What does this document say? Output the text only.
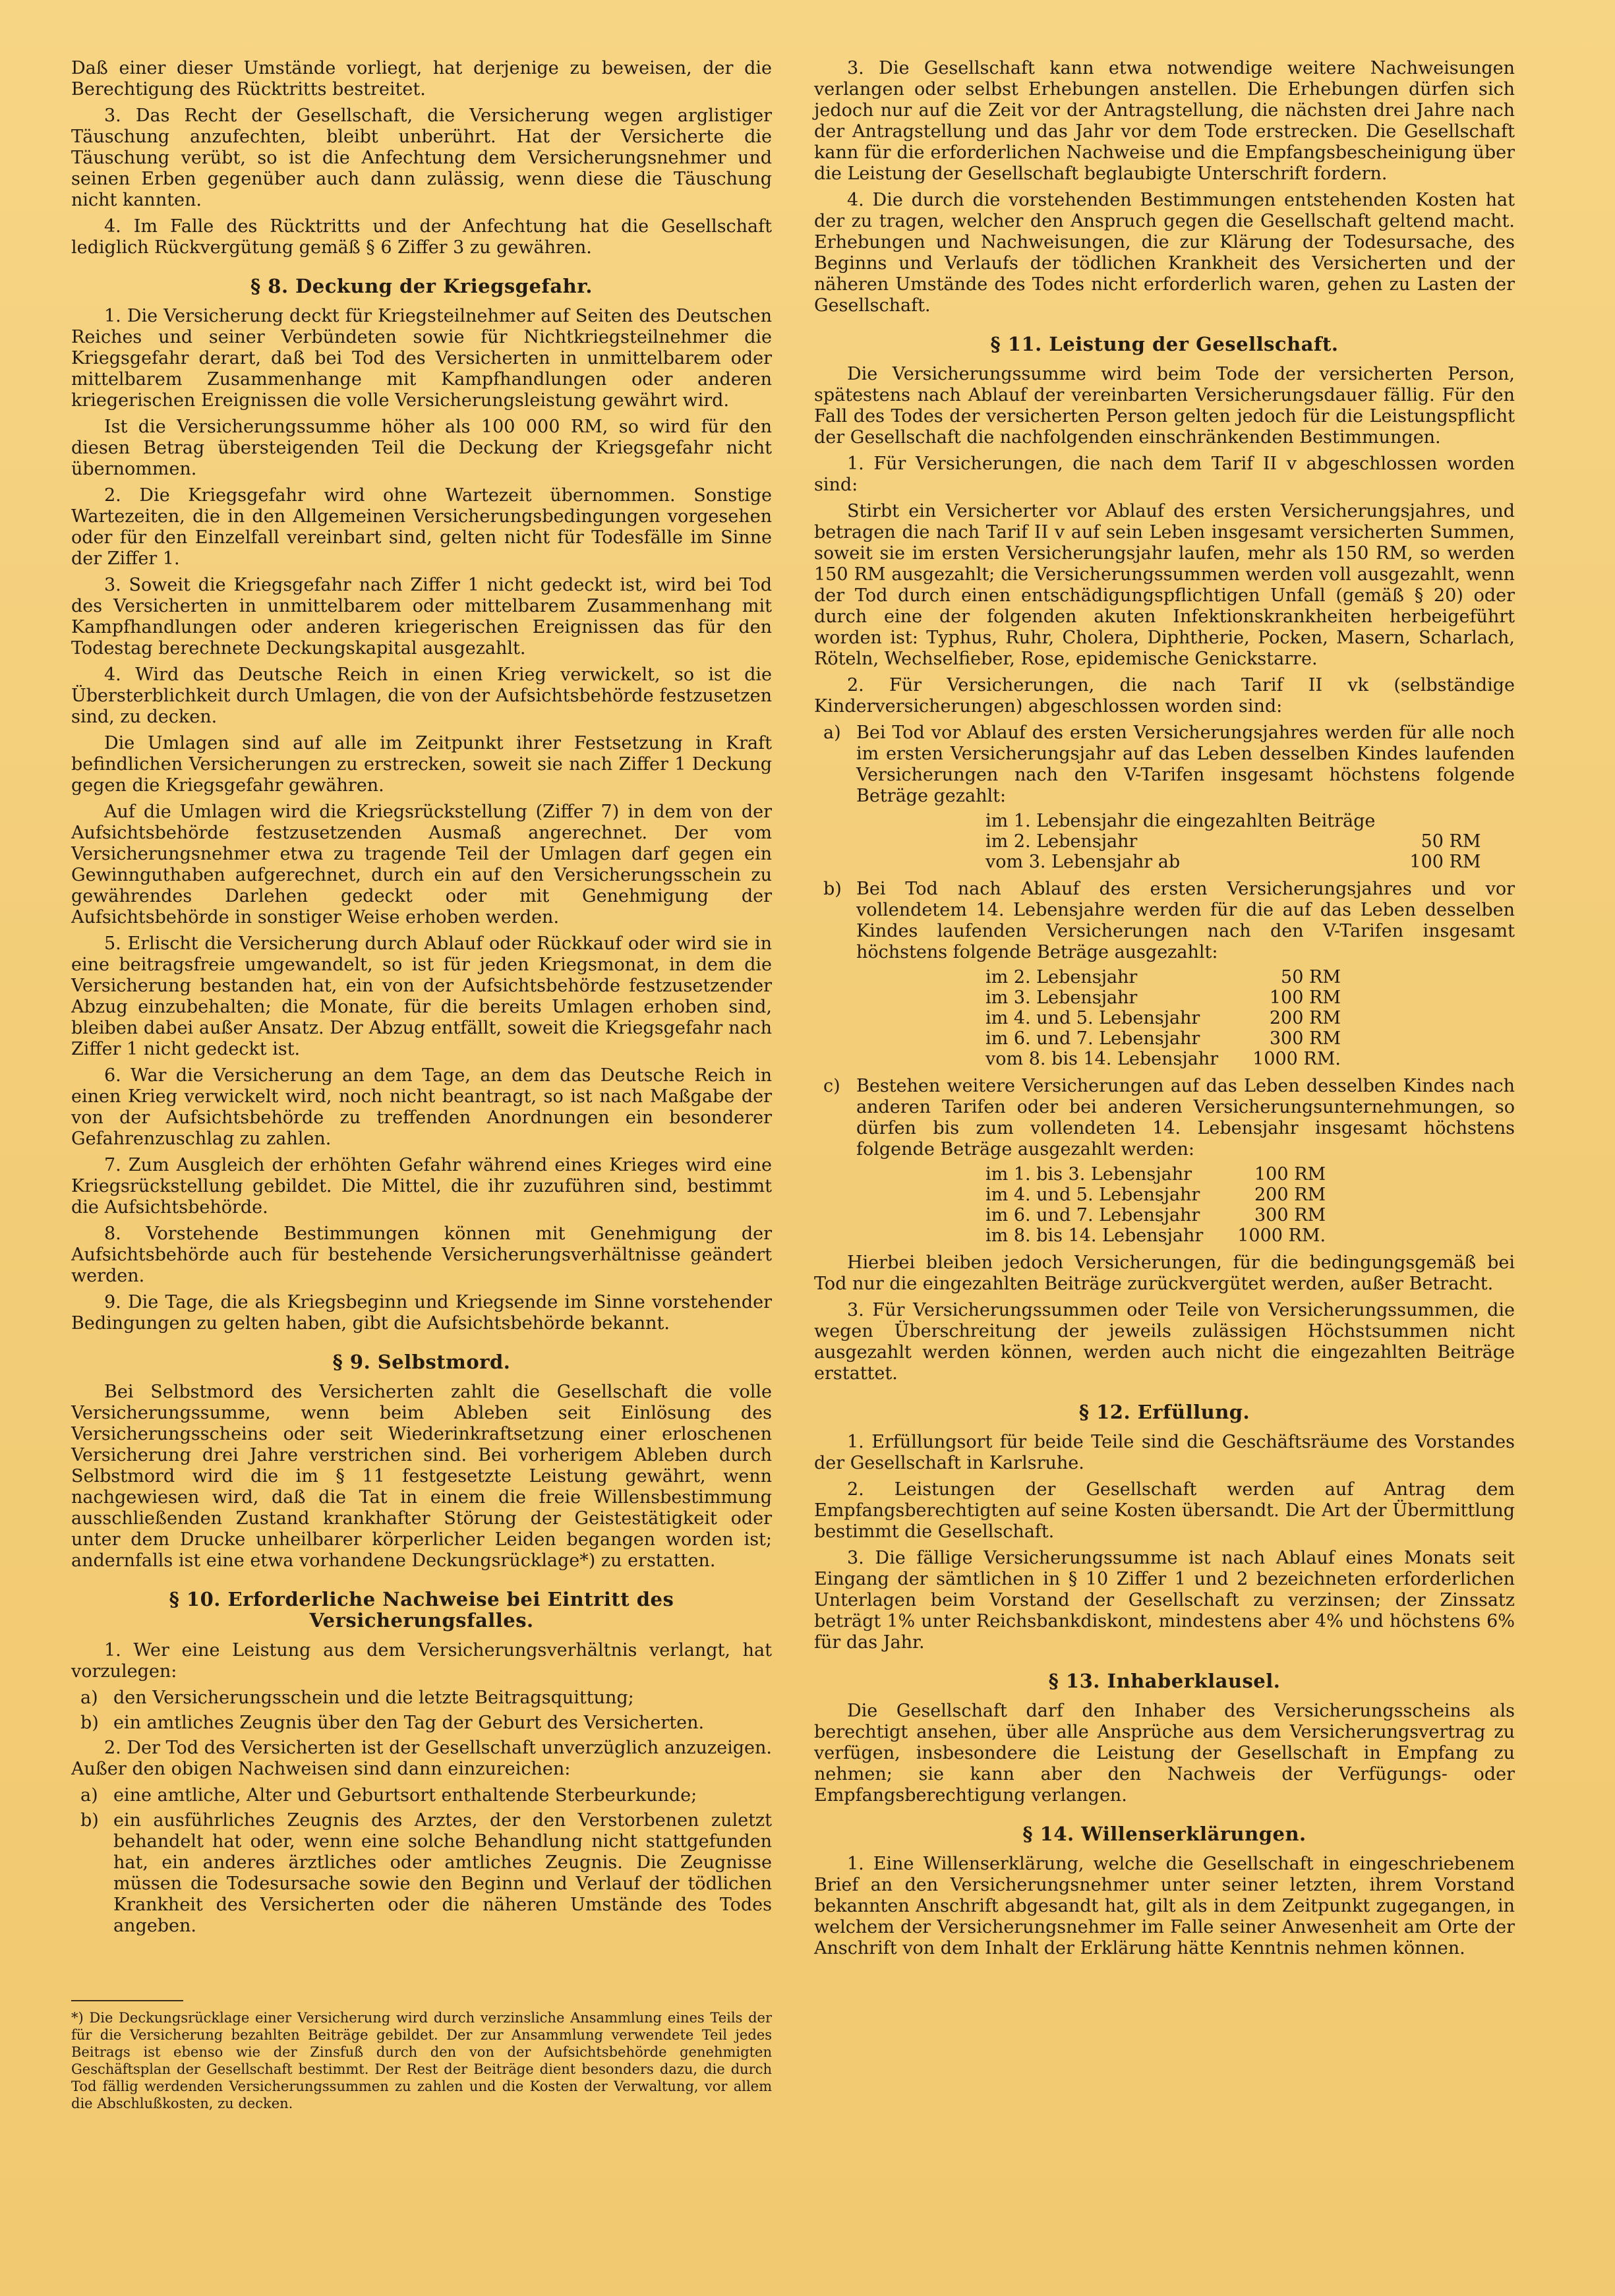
Daß einer dieser Umstände vorliegt, hat derjenige zu beweisen, der die Berechtigung des Rücktritts bestreitet.

3. Das Recht der Gesellschaft, die Versicherung wegen arglistiger Täuschung anzufechten, bleibt unberührt. Hat der Versicherte die Täuschung verübt, so ist die Anfechtung dem Versicherungsnehmer und seinen Erben gegenüber auch dann zulässig, wenn diese die Täuschung nicht kannten.

4. Im Falle des Rücktritts und der Anfechtung hat die Gesellschaft lediglich Rückvergütung gemäß § 6 Ziffer 3 zu gewähren.

§ 8. Deckung der Kriegsgefahr.

1. Die Versicherung deckt für Kriegsteilnehmer auf Seiten des Deutschen Reiches und seiner Verbündeten sowie für Nichtkriegsteilnehmer die Kriegsgefahr derart, daß bei Tod des Versicherten in unmittelbarem oder mittelbarem Zusammenhange mit Kampfhandlungen oder anderen kriegerischen Ereignissen die volle Versicherungsleistung gewährt wird.

Ist die Versicherungssumme höher als 100 000 RM, so wird für den diesen Betrag übersteigenden Teil die Deckung der Kriegsgefahr nicht übernommen.

2. Die Kriegsgefahr wird ohne Wartezeit übernommen. Sonstige Wartezeiten, die in den Allgemeinen Versicherungsbedingungen vorgesehen oder für den Einzelfall vereinbart sind, gelten nicht für Todesfälle im Sinne der Ziffer 1.

3. Soweit die Kriegsgefahr nach Ziffer 1 nicht gedeckt ist, wird bei Tod des Versicherten in unmittelbarem oder mittelbarem Zusammenhang mit Kampfhandlungen oder anderen kriegerischen Ereignissen das für den Todestag berechnete Deckungskapital ausgezahlt.

4. Wird das Deutsche Reich in einen Krieg verwickelt, so ist die Übersterblichkeit durch Umlagen, die von der Aufsichtsbehörde festzusetzen sind, zu decken.

Die Umlagen sind auf alle im Zeitpunkt ihrer Festsetzung in Kraft befindlichen Versicherungen zu erstrecken, soweit sie nach Ziffer 1 Deckung gegen die Kriegsgefahr gewähren.

Auf die Umlagen wird die Kriegsrückstellung (Ziffer 7) in dem von der Aufsichtsbehörde festzusetzenden Ausmaß angerechnet. Der vom Versicherungsnehmer etwa zu tragende Teil der Umlagen darf gegen ein Gewinnguthaben aufgerechnet, durch ein auf den Versicherungsschein zu gewährendes Darlehen gedeckt oder mit Genehmigung der Aufsichtsbehörde in sonstiger Weise erhoben werden.

5. Erlischt die Versicherung durch Ablauf oder Rückkauf oder wird sie in eine beitragsfreie umgewandelt, so ist für jeden Kriegsmonat, in dem die Versicherung bestanden hat, ein von der Aufsichtsbehörde festzusetzender Abzug einzubehalten; die Monate, für die bereits Umlagen erhoben sind, bleiben dabei außer Ansatz. Der Abzug entfällt, soweit die Kriegsgefahr nach Ziffer 1 nicht gedeckt ist.

6. War die Versicherung an dem Tage, an dem das Deutsche Reich in einen Krieg verwickelt wird, noch nicht beantragt, so ist nach Maßgabe der von der Aufsichtsbehörde zu treffenden Anordnungen ein besonderer Gefahrenzuschlag zu zahlen.

7. Zum Ausgleich der erhöhten Gefahr während eines Krieges wird eine Kriegsrückstellung gebildet. Die Mittel, die ihr zuzuführen sind, bestimmt die Aufsichtsbehörde.

8. Vorstehende Bestimmungen können mit Genehmigung der Aufsichtsbehörde auch für bestehende Versicherungsverhältnisse geändert werden.

9. Die Tage, die als Kriegsbeginn und Kriegsende im Sinne vorstehender Bedingungen zu gelten haben, gibt die Aufsichtsbehörde bekannt.

§ 9. Selbstmord.

Bei Selbstmord des Versicherten zahlt die Gesellschaft die volle Versicherungssumme, wenn beim Ableben seit Einlösung des Versicherungsscheins oder seit Wiederinkraftsetzung einer erloschenen Versicherung drei Jahre verstrichen sind. Bei vorherigem Ableben durch Selbstmord wird die im § 11 festgesetzte Leistung gewährt, wenn nachgewiesen wird, daß die Tat in einem die freie Willensbestimmung ausschließenden Zustand krankhafter Störung der Geistestätigkeit oder unter dem Drucke unheilbarer körperlicher Leiden begangen worden ist; andernfalls ist eine etwa vorhandene Deckungsrücklage*) zu erstatten.

§ 10. Erforderliche Nachweise bei Eintritt des Versicherungsfalles.

1. Wer eine Leistung aus dem Versicherungsverhältnis verlangt, hat vorzulegen:

a) den Versicherungsschein und die letzte Beitragsquittung;
b) ein amtliches Zeugnis über den Tag der Geburt des Versicherten.

2. Der Tod des Versicherten ist der Gesellschaft unverzüglich anzuzeigen. Außer den obigen Nachweisen sind dann einzureichen:

a) eine amtliche, Alter und Geburtsort enthaltende Sterbeurkunde;
b) ein ausführliches Zeugnis des Arztes, der den Verstorbenen zuletzt behandelt hat oder, wenn eine solche Behandlung nicht stattgefunden hat, ein anderes ärztliches oder amtliches Zeugnis. Die Zeugnisse müssen die Todesursache sowie den Beginn und Verlauf der tödlichen Krankheit des Versicherten oder die näheren Umstände des Todes angeben.
*) Die Deckungsrücklage einer Versicherung wird durch verzinsliche Ansammlung eines Teils der für die Versicherung bezahlten Beiträge gebildet. Der zur Ansammlung verwendete Teil jedes Beitrags ist ebenso wie der Zinsfuß durch den von der Aufsichtsbehörde genehmigten Geschäftsplan der Gesellschaft bestimmt. Der Rest der Beiträge dient besonders dazu, die durch Tod fällig werdenden Versicherungssummen zu zahlen und die Kosten der Verwaltung, vor allem die Abschlußkosten, zu decken.

3. Die Gesellschaft kann etwa notwendige weitere Nachweisungen verlangen oder selbst Erhebungen anstellen. Die Erhebungen dürfen sich jedoch nur auf die Zeit vor der Antragstellung, die nächsten drei Jahre nach der Antragstellung und das Jahr vor dem Tode erstrecken. Die Gesellschaft kann für die erforderlichen Nachweise und die Empfangsbescheinigung über die Leistung der Gesellschaft beglaubigte Unterschrift fordern.

4. Die durch die vorstehenden Bestimmungen entstehenden Kosten hat der zu tragen, welcher den Anspruch gegen die Gesellschaft geltend macht. Erhebungen und Nachweisungen, die zur Klärung der Todesursache, des Beginns und Verlaufs der tödlichen Krankheit des Versicherten und der näheren Umstände des Todes nicht erforderlich waren, gehen zu Lasten der Gesellschaft.

§ 11. Leistung der Gesellschaft.

Die Versicherungssumme wird beim Tode der versicherten Person, spätestens nach Ablauf der vereinbarten Versicherungsdauer fällig. Für den Fall des Todes der versicherten Person gelten jedoch für die Leistungspflicht der Gesellschaft die nachfolgenden einschränkenden Bestimmungen.

1. Für Versicherungen, die nach dem Tarif II v abgeschlossen worden sind:

Stirbt ein Versicherter vor Ablauf des ersten Versicherungsjahres, und betragen die nach Tarif II v auf sein Leben insgesamt versicherten Summen, soweit sie im ersten Versicherungsjahr laufen, mehr als 150 RM, so werden 150 RM ausgezahlt; die Versicherungssummen werden voll ausgezahlt, wenn der Tod durch einen entschädigungspflichtigen Unfall (gemäß § 20) oder durch eine der folgenden akuten Infektionskrankheiten herbeigeführt worden ist: Typhus, Ruhr, Cholera, Diphtherie, Pocken, Masern, Scharlach, Röteln, Wechselfieber, Rose, epidemische Genickstarre.

2. Für Versicherungen, die nach Tarif II vk (selbständige Kinderversicherungen) abgeschlossen worden sind:

a) Bei Tod vor Ablauf des ersten Versicherungsjahres werden für alle noch im ersten Versicherungsjahr auf das Leben desselben Kindes laufenden Versicherungen nach den V-Tarifen insgesamt höchstens folgende Beträge gezahlt:
im 1. Lebensjahr die eingezahlten Beiträge	
im 2. Lebensjahr	50 RM
vom 3. Lebensjahr ab	100 RM
b) Bei Tod nach Ablauf des ersten Versicherungsjahres und vor vollendetem 14. Lebensjahre werden für die auf das Leben desselben Kindes laufenden Versicherungen nach den V-Tarifen insgesamt höchstens folgende Beträge ausgezahlt:
im 2. Lebensjahr	50 RM
im 3. Lebensjahr	100 RM
im 4. und 5. Lebensjahr	200 RM
im 6. und 7. Lebensjahr	300 RM
vom 8. bis 14. Lebensjahr	1000 RM.
c) Bestehen weitere Versicherungen auf das Leben desselben Kindes nach anderen Tarifen oder bei anderen Versicherungsunternehmungen, so dürfen bis zum vollendeten 14. Lebensjahr insgesamt höchstens folgende Beträge ausgezahlt werden:
im 1. bis 3. Lebensjahr	100 RM
im 4. und 5. Lebensjahr	200 RM
im 6. und 7. Lebensjahr	300 RM
im 8. bis 14. Lebensjahr	1000 RM.

Hierbei bleiben jedoch Versicherungen, für die bedingungsgemäß bei Tod nur die eingezahlten Beiträge zurückvergütet werden, außer Betracht.

3. Für Versicherungssummen oder Teile von Versicherungssummen, die wegen Überschreitung der jeweils zulässigen Höchstsummen nicht ausgezahlt werden können, werden auch nicht die eingezahlten Beiträge erstattet.

§ 12. Erfüllung.

1. Erfüllungsort für beide Teile sind die Geschäftsräume des Vorstandes der Gesellschaft in Karlsruhe.

2. Leistungen der Gesellschaft werden auf Antrag dem Empfangsberechtigten auf seine Kosten übersandt. Die Art der Übermittlung bestimmt die Gesellschaft.

3. Die fällige Versicherungssumme ist nach Ablauf eines Monats seit Eingang der sämtlichen in § 10 Ziffer 1 und 2 bezeichneten erforderlichen Unterlagen beim Vorstand der Gesellschaft zu verzinsen; der Zinssatz beträgt 1% unter Reichsbankdiskont, mindestens aber 4% und höchstens 6% für das Jahr.

§ 13. Inhaberklausel.

Die Gesellschaft darf den Inhaber des Versicherungsscheins als berechtigt ansehen, über alle Ansprüche aus dem Versicherungsvertrag zu verfügen, insbesondere die Leistung der Gesellschaft in Empfang zu nehmen; sie kann aber den Nachweis der Verfügungs- oder Empfangsberechtigung verlangen.

§ 14. Willenserklärungen.

1. Eine Willenserklärung, welche die Gesellschaft in eingeschriebenem Brief an den Versicherungsnehmer unter seiner letzten, ihrem Vorstand bekannten Anschrift abgesandt hat, gilt als in dem Zeitpunkt zugegangen, in welchem der Versicherungsnehmer im Falle seiner Anwesenheit am Orte der Anschrift von dem Inhalt der Erklärung hätte Kenntnis nehmen können.
